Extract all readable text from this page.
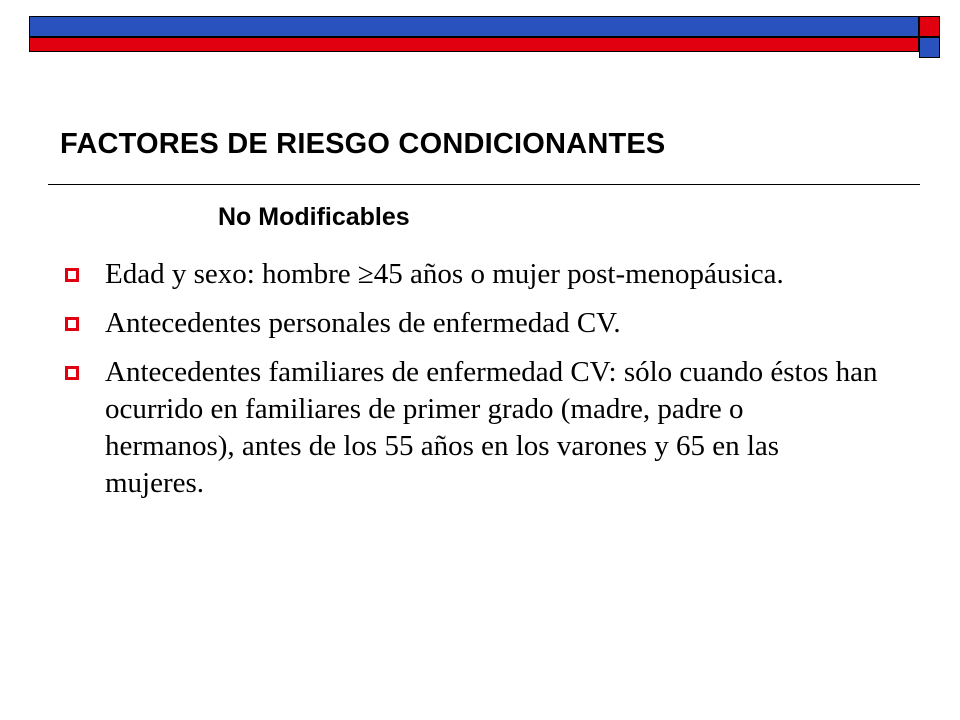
FACTORES DE RIESGO CONDICIONANTES
No Modificables
Edad y sexo: hombre ≥45 años o mujer post-menopáusica.
Antecedentes personales de enfermedad CV.
Antecedentes familiares de enfermedad CV: sólo cuando éstos han ocurrido en familiares de primer grado (madre, padre o hermanos), antes de los 55 años en los varones y 65 en las mujeres.
